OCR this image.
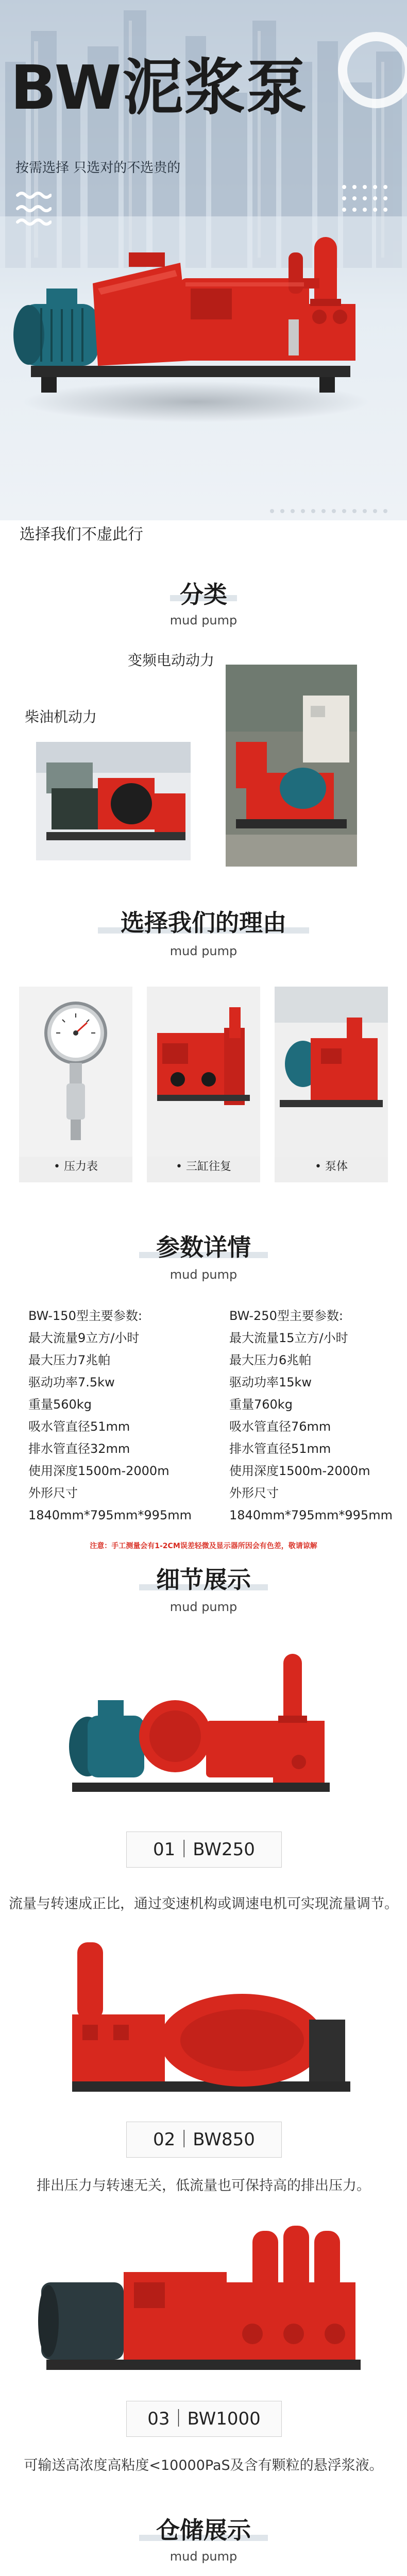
BW泥浆泵
按需选择 只选对的不选贵的
选择我们不虚此行
分类
mud pump
变频电动动力
柴油机动力
选择我们的理由
mud pump
• 压力表	• 三缸往复	• 泵体
参数详情
mud pump
BW-150型主要参数:
最大流量9立方/小时
最大压力7兆帕
驱动功率7.5kw
重量560kg
吸水管直径51mm
排水管直径32mm
使用深度1500m-2000m
外形尺寸
1840mm*795mm*995mm
BW-250型主要参数:
最大流量15立方/小时
最大压力6兆帕
驱动功率15kw
重量760kg
吸水管直径76mm
排水管直径51mm
使用深度1500m-2000m
外形尺寸
1840mm*795mm*995mm
注意：手工测量会有1-2CM误差轻微及显示器所因会有色差，敬请谅解
细节展示
mud pump
01｜BW250
流量与转速成正比，通过变速机构或调速电机可实现流量调节。
02｜BW850
排出压力与转速无关，低流量也可保持高的排出压力。
03｜BW1000
可输送高浓度高粘度<10000PaS及含有颗粒的悬浮浆液。
仓储展示
mud pump
